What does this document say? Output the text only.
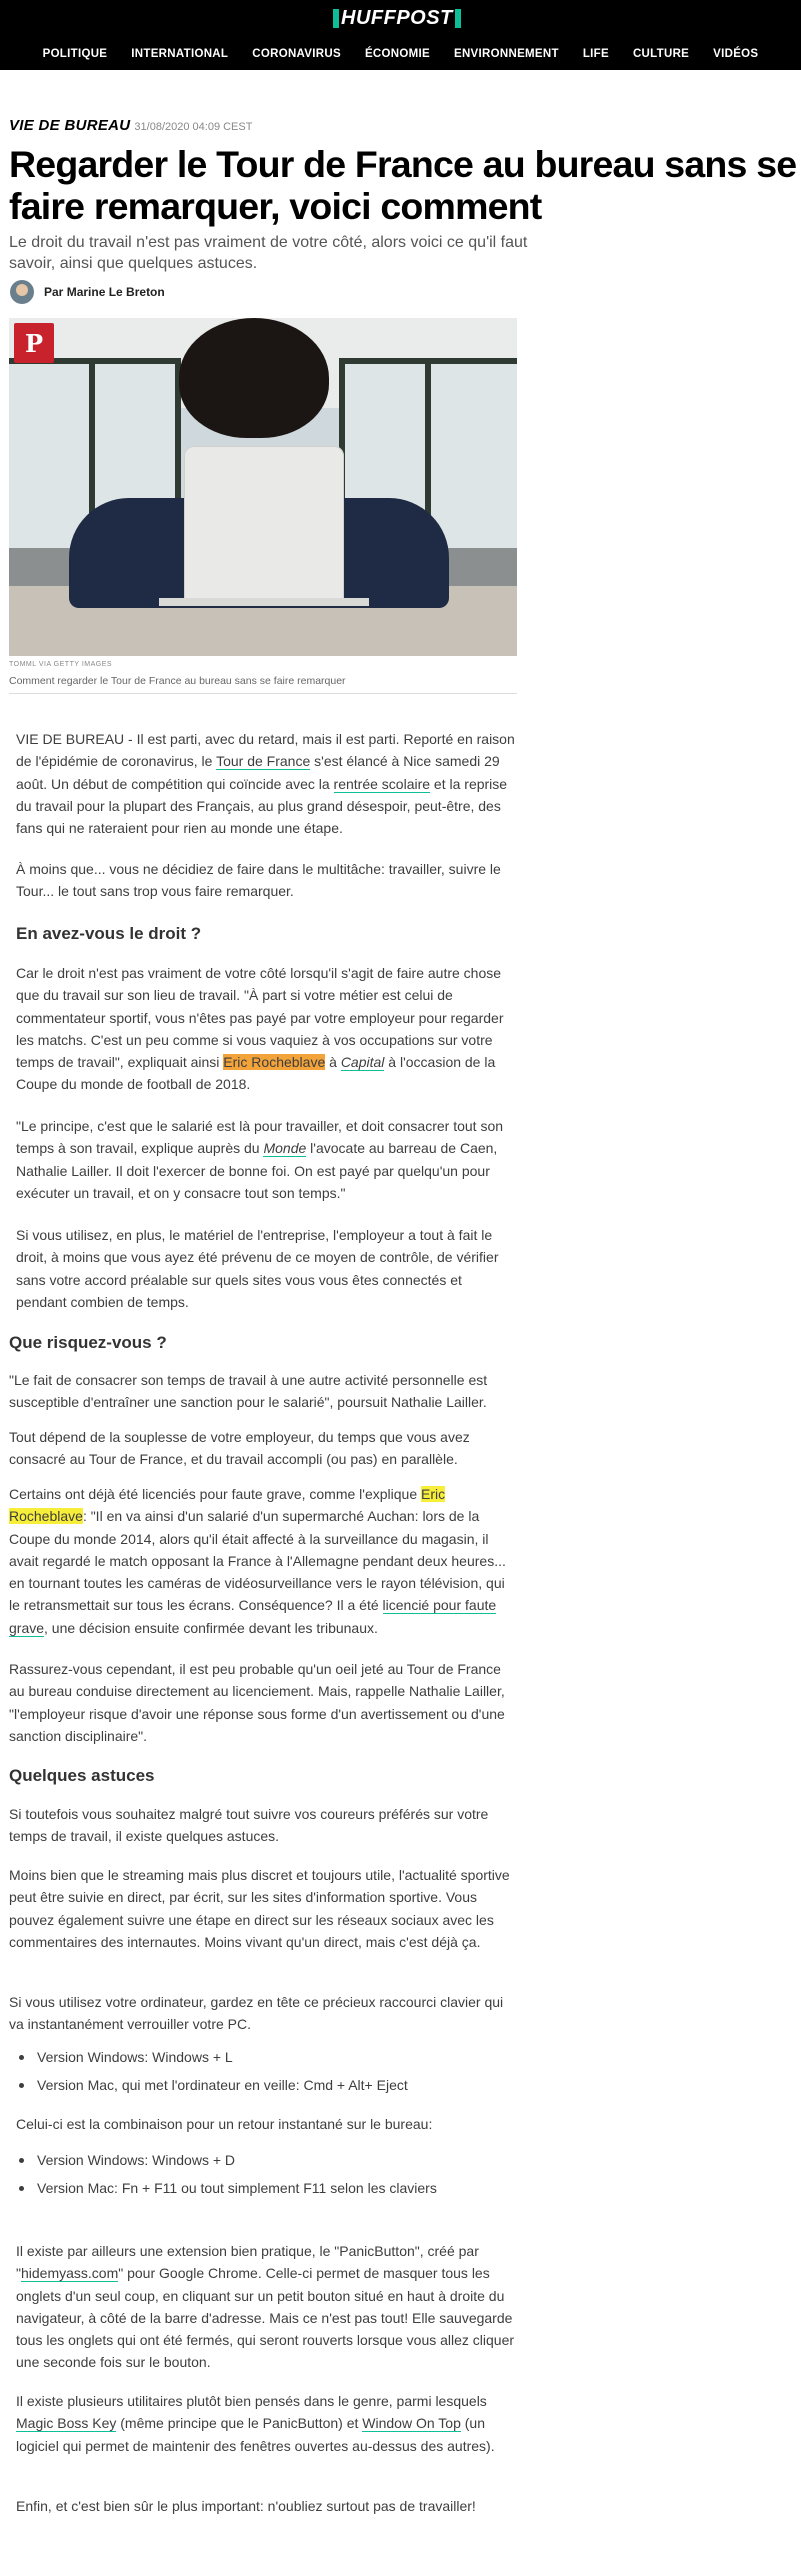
HUFFPOST
POLITIQUE	INTERNATIONAL	CORONAVIRUS	ÉCONOMIE	ENVIRONNEMENT	LIFE	CULTURE	VIDÉOS
VIE DE BUREAU 31/08/2020 04:09 CEST
Regarder le Tour de France au bureau sans se faire remarquer, voici comment

Le droit du travail n'est pas vraiment de votre côté, alors voici ce qu'il faut savoir, ainsi que quelques astuces.

Par Marine Le Breton
P
TOMML VIA GETTY IMAGES
Comment regarder le Tour de France au bureau sans se faire remarquer

VIE DE BUREAU - Il est parti, avec du retard, mais il est parti. Reporté en raison de l'épidémie de coronavirus, le Tour de France s'est élancé à Nice samedi 29 août. Un début de compétition qui coïncide avec la rentrée scolaire et la reprise du travail pour la plupart des Français, au plus grand désespoir, peut-être, des fans qui ne rateraient pour rien au monde une étape.

À moins que... vous ne décidiez de faire dans le multitâche: travailler, suivre le Tour... le tout sans trop vous faire remarquer.

En avez-vous le droit ?

Car le droit n'est pas vraiment de votre côté lorsqu'il s'agit de faire autre chose que du travail sur son lieu de travail. "À part si votre métier est celui de commentateur sportif, vous n'êtes pas payé par votre employeur pour regarder les matchs. C'est un peu comme si vous vaquiez à vos occupations sur votre temps de travail", expliquait ainsi Eric Rocheblave à Capital à l'occasion de la Coupe du monde de football de 2018.

"Le principe, c'est que le salarié est là pour travailler, et doit consacrer tout son temps à son travail, explique auprès du Monde l'avocate au barreau de Caen, Nathalie Lailler. Il doit l'exercer de bonne foi. On est payé par quelqu'un pour exécuter un travail, et on y consacre tout son temps."

Si vous utilisez, en plus, le matériel de l'entreprise, l'employeur a tout à fait le droit, à moins que vous ayez été prévenu de ce moyen de contrôle, de vérifier sans votre accord préalable sur quels sites vous vous êtes connectés et pendant combien de temps.

Que risquez-vous ?

"Le fait de consacrer son temps de travail à une autre activité personnelle est susceptible d'entraîner une sanction pour le salarié", poursuit Nathalie Lailler.

Tout dépend de la souplesse de votre employeur, du temps que vous avez consacré au Tour de France, et du travail accompli (ou pas) en parallèle.

Certains ont déjà été licenciés pour faute grave, comme l'explique Eric Rocheblave: "Il en va ainsi d'un salarié d'un supermarché Auchan: lors de la Coupe du monde 2014, alors qu'il était affecté à la surveillance du magasin, il avait regardé le match opposant la France à l'Allemagne pendant deux heures... en tournant toutes les caméras de vidéosurveillance vers le rayon télévision, qui le retransmettait sur tous les écrans. Conséquence? Il a été licencié pour faute grave, une décision ensuite confirmée devant les tribunaux.

Rassurez-vous cependant, il est peu probable qu'un oeil jeté au Tour de France au bureau conduise directement au licenciement. Mais, rappelle Nathalie Lailler, "l'employeur risque d'avoir une réponse sous forme d'un avertissement ou d'une sanction disciplinaire".

Quelques astuces

Si toutefois vous souhaitez malgré tout suivre vos coureurs préférés sur votre temps de travail, il existe quelques astuces.

Moins bien que le streaming mais plus discret et toujours utile, l'actualité sportive peut être suivie en direct, par écrit, sur les sites d'information sportive. Vous pouvez également suivre une étape en direct sur les réseaux sociaux avec les commentaires des internautes. Moins vivant qu'un direct, mais c'est déjà ça.

Si vous utilisez votre ordinateur, gardez en tête ce précieux raccourci clavier qui va instantanément verrouiller votre PC.

Version Windows: Windows + L
Version Mac, qui met l'ordinateur en veille: Cmd + Alt+ Eject

Celui-ci est la combinaison pour un retour instantané sur le bureau:

Version Windows: Windows + D
Version Mac: Fn + F11 ou tout simplement F11 selon les claviers

Il existe par ailleurs une extension bien pratique, le "PanicButton", créé par "hidemyass.com" pour Google Chrome. Celle-ci permet de masquer tous les onglets d'un seul coup, en cliquant sur un petit bouton situé en haut à droite du navigateur, à côté de la barre d'adresse. Mais ce n'est pas tout! Elle sauvegarde tous les onglets qui ont été fermés, qui seront rouverts lorsque vous allez cliquer une seconde fois sur le bouton.

Il existe plusieurs utilitaires plutôt bien pensés dans le genre, parmi lesquels Magic Boss Key (même principe que le PanicButton) et Window On Top (un logiciel qui permet de maintenir des fenêtres ouvertes au-dessus des autres).

Enfin, et c'est bien sûr le plus important: n'oubliez surtout pas de travailler!
